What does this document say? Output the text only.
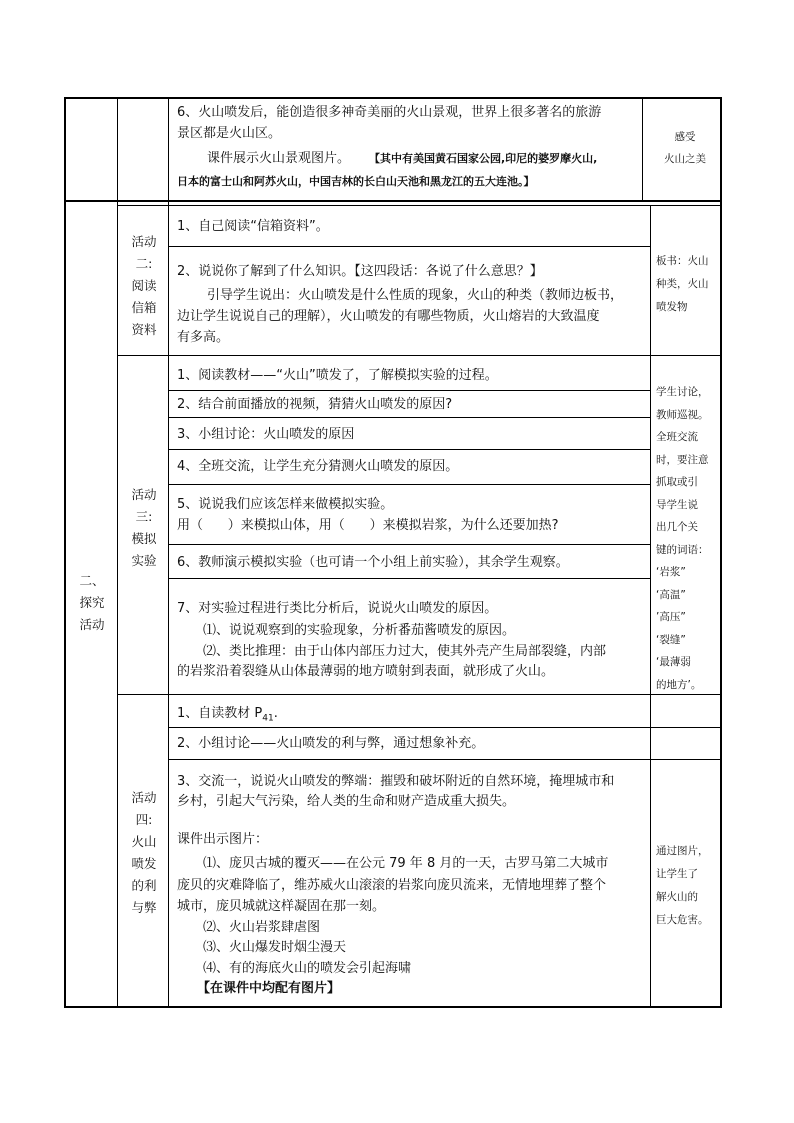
6、火山喷发后，能创造很多神奇美丽的火山景观，世界上很多著名的旅游
景区都是火山区。
课件展示火山景观图片。 【其中有美国黄石国家公园,印尼的婆罗摩火山,
日本的富士山和阿苏火山，中国吉林的长白山天池和黑龙江的五大连池。】
感受
火山之美
二、
探究
活动
活动
二:
阅读
信箱
资料
1、自己阅读“信箱资料”。
2、说说你了解到了什么知识。【这四段话：各说了什么意思？】
引导学生说出：火山喷发是什么性质的现象，火山的种类（教师边板书，
边让学生说说自己的理解），火山喷发的有哪些物质，火山熔岩的大致温度
有多高。
板书：火山
种类，火山
喷发物
活动
三:
模拟
实验
1、阅读教材——“火山”喷发了，了解模拟实验的过程。
2、结合前面播放的视频，猜猜火山喷发的原因?
3、小组讨论：火山喷发的原因
4、全班交流，让学生充分猜测火山喷发的原因。
5、说说我们应该怎样来做模拟实验。
用（      ）来模拟山体，用（      ）来模拟岩浆，为什么还要加热?
6、教师演示模拟实验（也可请一个小组上前实验），其余学生观察。
7、对实验过程进行类比分析后，说说火山喷发的原因。
⑴、说说观察到的实验现象，分析番茄酱喷发的原因。
⑵、类比推理：由于山体内部压力过大，使其外壳产生局部裂缝，内部
的岩浆沿着裂缝从山体最薄弱的地方喷射到表面，就形成了火山。
学生讨论，
教师巡视。
全班交流
时，要注意
抓取或引
导学生说
出几个关
键的词语：
‘岩浆”
‘高温”
’高压”
‘裂缝”
‘最薄弱
的地方’。
活动
四:
火山
喷发
的利
与弊
1、自读教材 $P_{41}$.
2、小组讨论——火山喷发的利与弊，通过想象补充。
3、交流一，说说火山喷发的弊端：摧毁和破坏附近的自然环境，掩埋城市和
乡村，引起大气污染，给人类的生命和财产造成重大损失。
课件出示图片：
⑴、庞贝古城的覆灭——在公元 79 年 8 月的一天，古罗马第二大城市
庞贝的灾难降临了，维苏威火山滚滚的岩浆向庞贝流来，无情地埋葬了整个
城市，庞贝城就这样凝固在那一刻。
⑵、火山岩浆肆虐图
⑶、火山爆发时烟尘漫天
⑷、有的海底火山的喷发会引起海啸
【在课件中均配有图片】
通过图片，
让学生了
解火山的
巨大危害。
